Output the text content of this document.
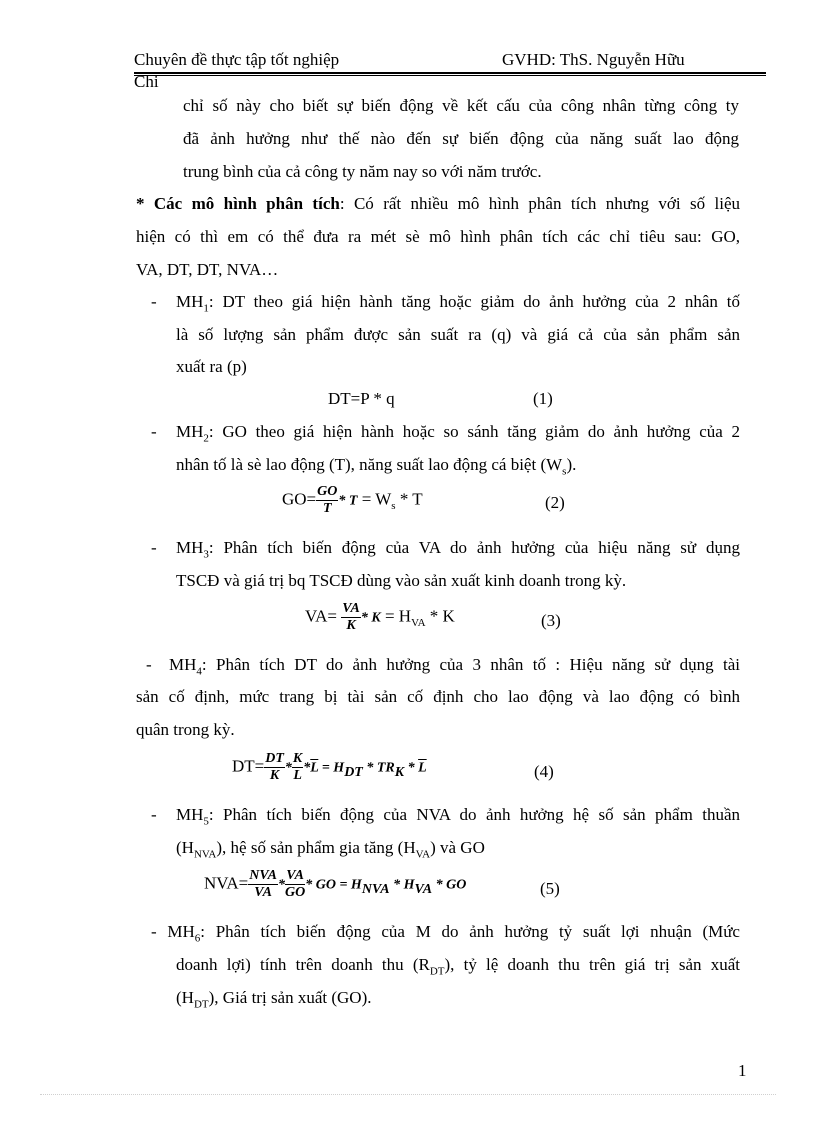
Chuyên đề thực tập tốt nghiệp	GVHD: ThS. Nguyễn Hữu
Chi
chỉ số này cho biết sự biến động về kết cấu của công nhân từng công ty
đã ảnh hưởng như thế nào đến sự biến động của năng suất lao động
trung bình của cả công ty năm nay so với năm trước.
* Các mô hình phân tích: Có rất nhiều mô hình phân tích nhưng với số liệu
hiện có thì em có thể đưa ra mét sè mô hình phân tích các chỉ tiêu sau: GO,
VA, DT, DT, NVA…
- $MH_1$: DT theo giá hiện hành tăng hoặc giảm do ảnh hưởng của 2 nhân tố
là số lượng sản phẩm được sản suất ra (q) và giá cả của sản phẩm sản
xuất ra (p)
DT=P * q	(1)
- $MH_2$: GO theo giá hiện hành hoặc so sánh tăng giảm do ảnh hưởng của 2
nhân tố là sè lao động (T), năng suất lao động cá biệt $(W_s)$.
$GO= \frac{GO}{T} * T = W_s * T$	(2)
- $MH_3$: Phân tích biến động của VA do ảnh hưởng của hiệu năng sử dụng
TSCĐ và giá trị bq TSCĐ dùng vào sản xuất kinh doanh trong kỳ.
$VA= \frac{VA}{K} * K = H_{VA} * K$	(3)
- $MH_4$: Phân tích DT do ảnh hưởng của 3 nhân tố : Hiệu năng sử dụng tài
sản cố định, mức trang bị tài sản cố định cho lao động và lao động có bình
quân trong kỳ.
$DT= \frac{DT}{K} * \frac{K}{L} *\overline{L} = H_{DT} * TR_K * \overline{L}$	(4)
- $MH_5$: Phân tích biến động của NVA do ảnh hưởng hệ số sản phẩm thuần
$(H_{NVA})$, hệ số sản phẩm gia tăng $(H_{VA})$ và GO
$NVA= \frac{\text{NVA}}{VA} * \frac{VA}{GO}$ * GO = $H_{NVA} * H_{VA}$ * GO	(5)
- $MH_6$: Phân tích biến động của M do ảnh hưởng tỷ suất lợi nhuận (Mức
doanh lợi) tính trên doanh thu $(R_{DT})$, tỷ lệ doanh thu trên giá trị sản xuất
$(H_{DT})$, Giá trị sản xuất (GO).
1
